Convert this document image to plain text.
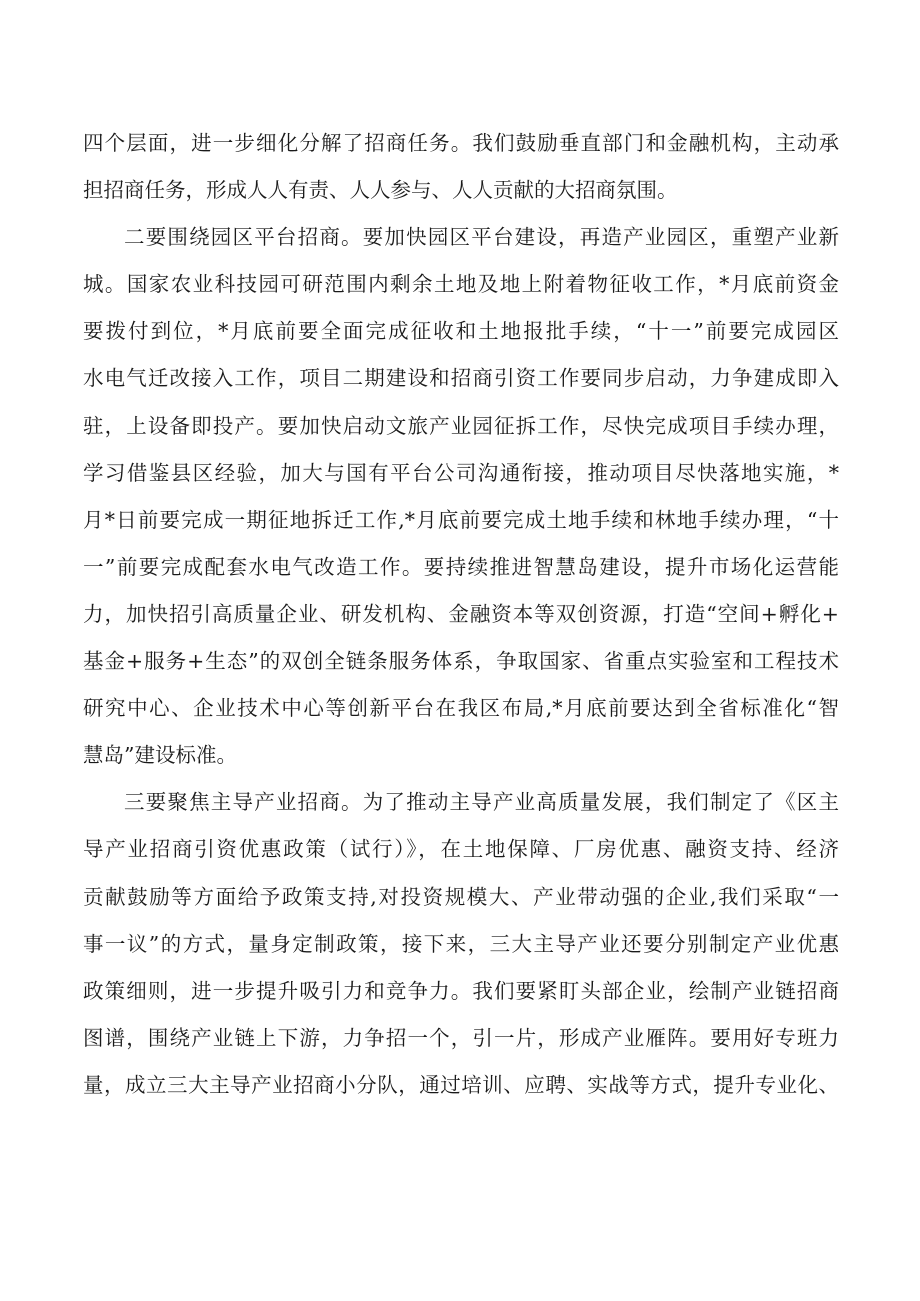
四个层面，进一步细化分解了招商任务。我们鼓励垂直部门和金融机构，主动承
担招商任务，形成人人有责、人人参与、人人贡献的大招商氛围。
二要围绕园区平台招商。要加快园区平台建设，再造产业园区，重塑产业新
城。国家农业科技园可研范围内剩余土地及地上附着物征收工作，*月底前资金
要拨付到位，*月底前要全面完成征收和土地报批手续，“十一”前要完成园区
水电气迁改接入工作，项目二期建设和招商引资工作要同步启动，力争建成即入
驻，上设备即投产。要加快启动文旅产业园征拆工作，尽快完成项目手续办理，
学习借鉴县区经验，加大与国有平台公司沟通衔接，推动项目尽快落地实施，*
月*日前要完成一期征地拆迁工作,*月底前要完成土地手续和林地手续办理，“十
一”前要完成配套水电气改造工作。要持续推进智慧岛建设，提升市场化运营能
力，加快招引高质量企业、研发机构、金融资本等双创资源，打造“空间+孵化+
基金+服务+生态”的双创全链条服务体系，争取国家、省重点实验室和工程技术
研究中心、企业技术中心等创新平台在我区布局,*月底前要达到全省标准化“智
慧岛”建设标准。
三要聚焦主导产业招商。为了推动主导产业高质量发展，我们制定了《区主
导产业招商引资优惠政策（试行）》，在土地保障、厂房优惠、融资支持、经济
贡献鼓励等方面给予政策支持,对投资规模大、产业带动强的企业,我们采取“一
事一议”的方式，量身定制政策，接下来，三大主导产业还要分别制定产业优惠
政策细则，进一步提升吸引力和竞争力。我们要紧盯头部企业，绘制产业链招商
图谱，围绕产业链上下游，力争招一个，引一片，形成产业雁阵。要用好专班力
量，成立三大主导产业招商小分队，通过培训、应聘、实战等方式，提升专业化、
